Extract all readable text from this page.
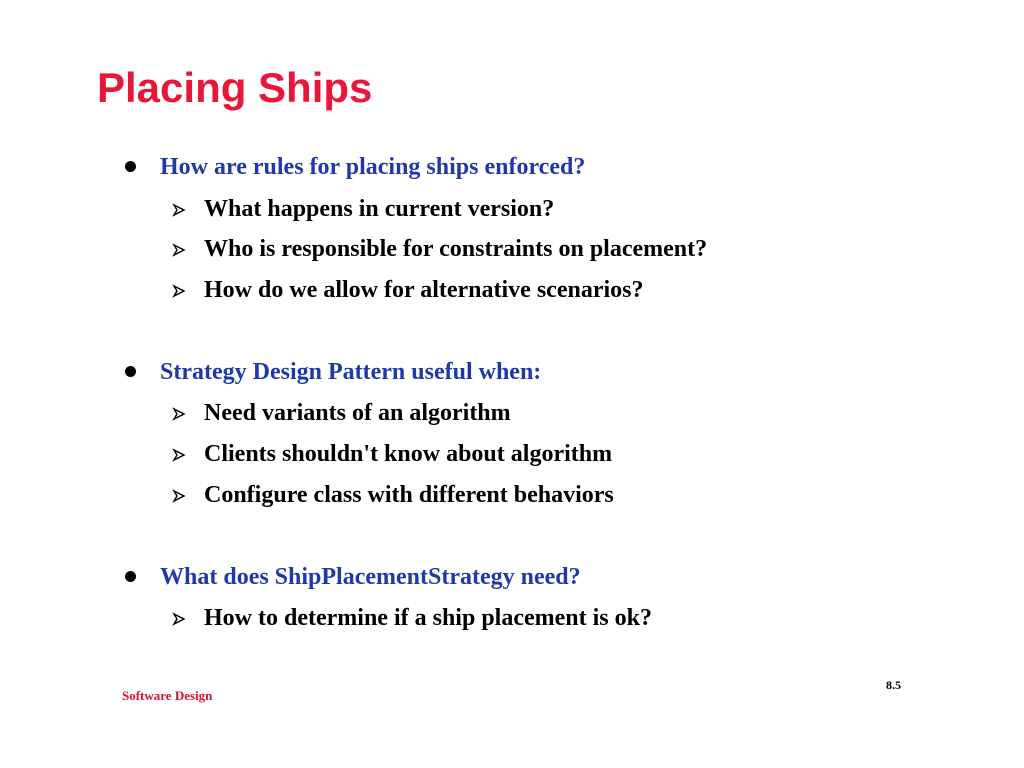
Placing Ships
How are rules for placing ships enforced?
What happens in current version?
Who is responsible for constraints on placement?
How do we allow for alternative scenarios?
Strategy Design Pattern useful when:
Need variants of an algorithm
Clients shouldn't know about algorithm
Configure class with different behaviors
What does ShipPlacementStrategy need?
How to determine if a ship placement is ok?
Software Design
8.5
